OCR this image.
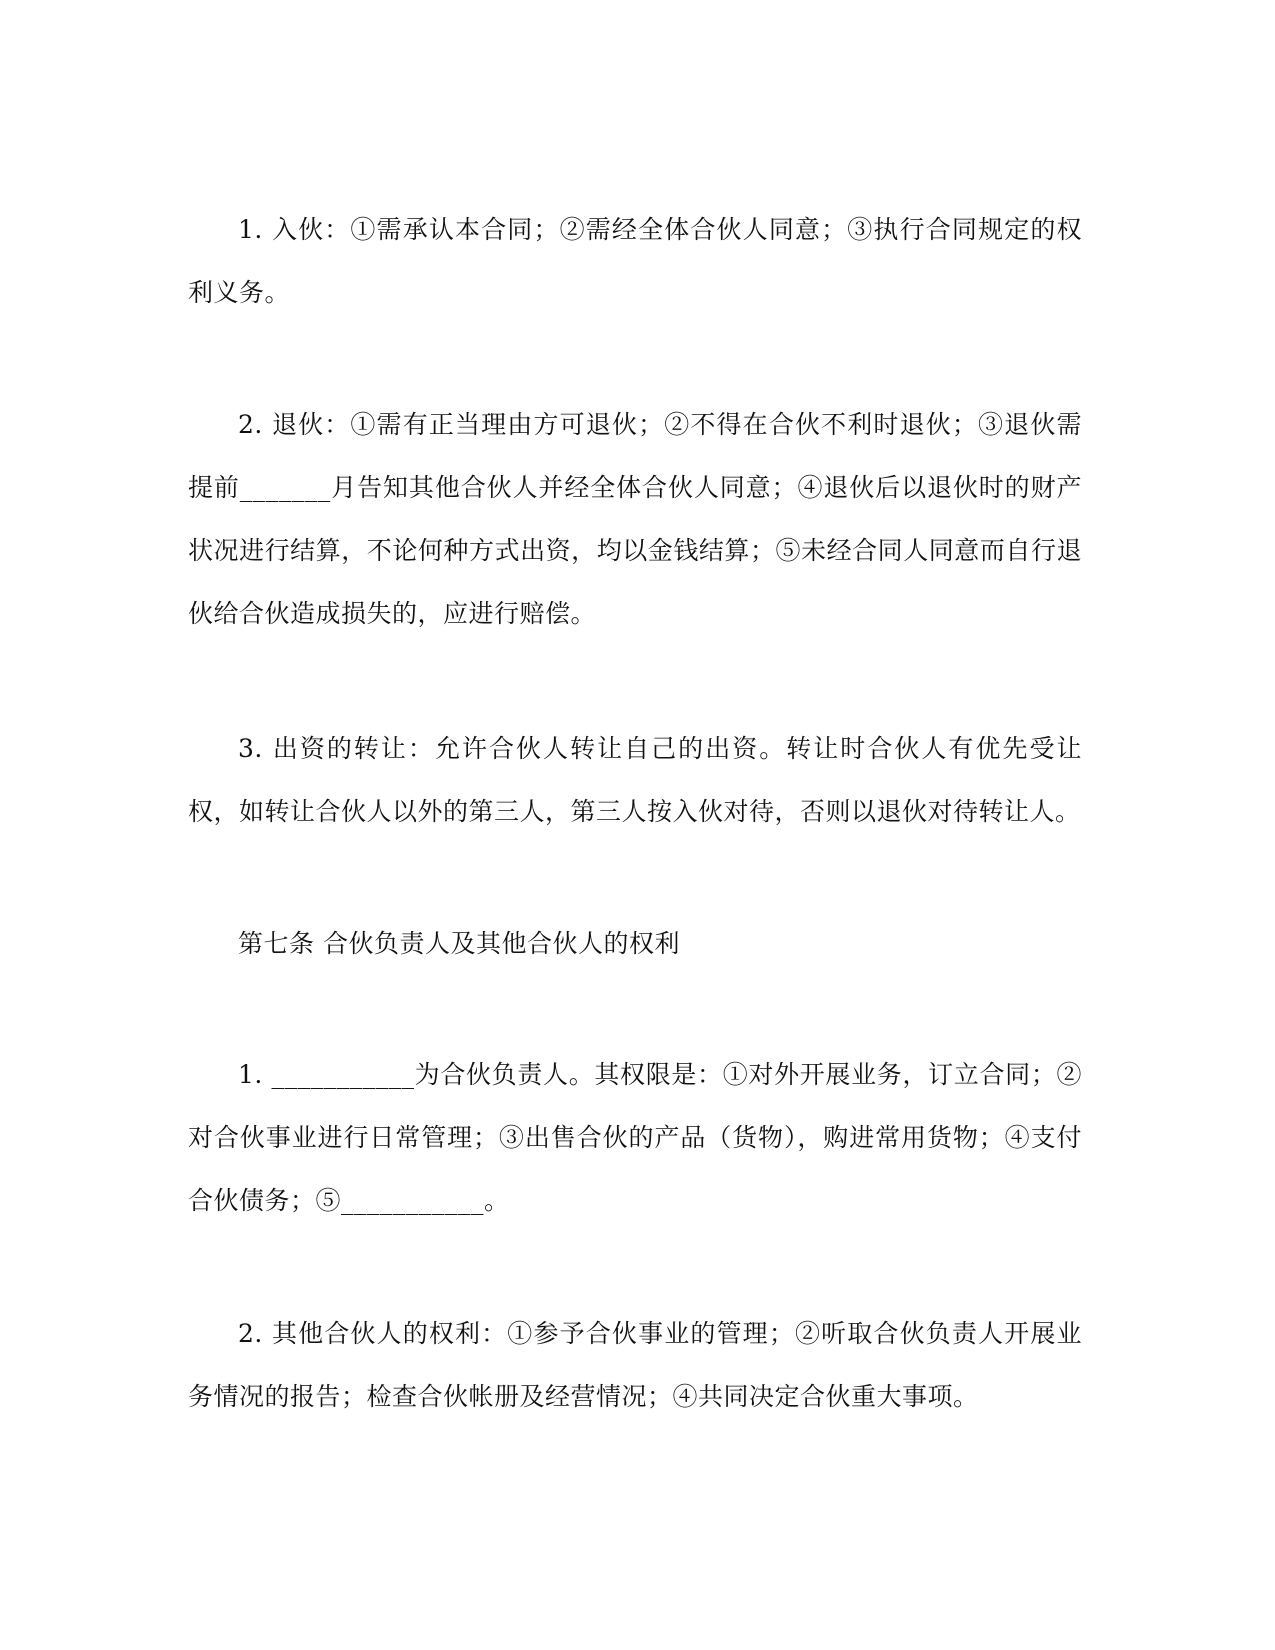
1. 入伙：①需承认本合同；②需经全体合伙人同意；③执行合同规定的权利义务。

2. 退伙：①需有正当理由方可退伙；②不得在合伙不利时退伙；③退伙需提前_______月告知其他合伙人并经全体合伙人同意；④退伙后以退伙时的财产状况进行结算，不论何种方式出资，均以金钱结算；⑤未经合同人同意而自行退伙给合伙造成损失的，应进行赔偿。

3. 出资的转让：允许合伙人转让自己的出资。转让时合伙人有优先受让权，如转让合伙人以外的第三人，第三人按入伙对待，否则以退伙对待转让人。

第七条 合伙负责人及其他合伙人的权利

1. ___________为合伙负责人。其权限是：①对外开展业务，订立合同；②对合伙事业进行日常管理；③出售合伙的产品（货物），购进常用货物；④支付合伙债务；⑤___________。

2. 其他合伙人的权利：①参予合伙事业的管理；②听取合伙负责人开展业务情况的报告；检查合伙帐册及经营情况；④共同决定合伙重大事项。
